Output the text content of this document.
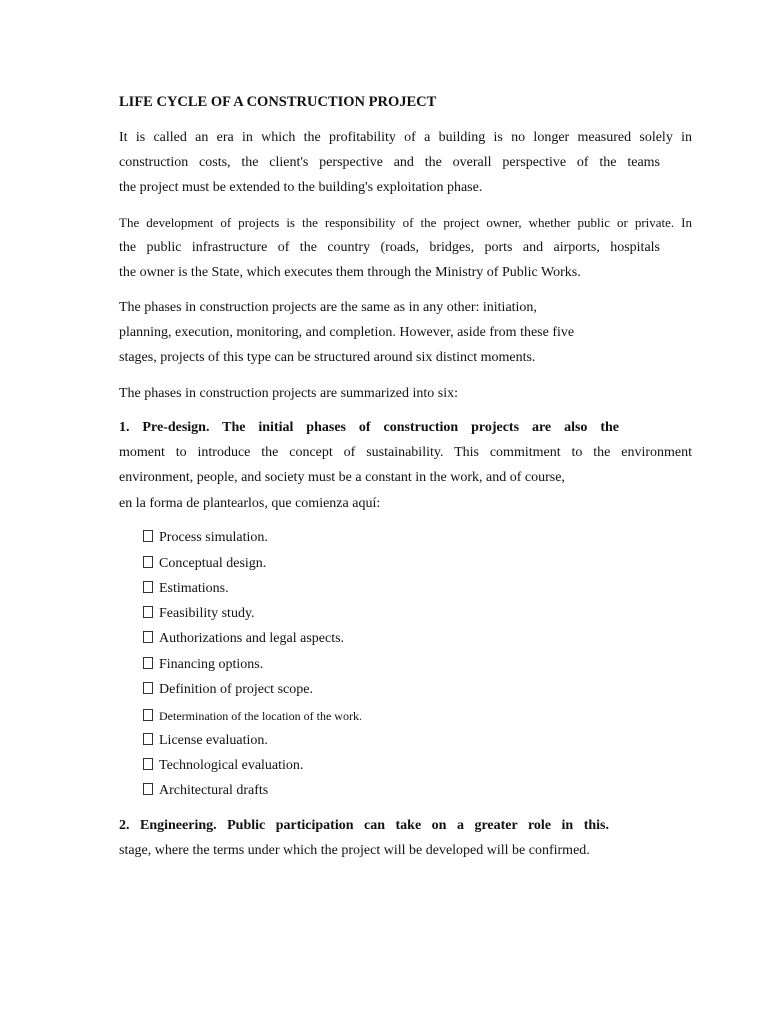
LIFE CYCLE OF A CONSTRUCTION PROJECT
It is called an era in which the profitability of a building is no longer measured solely in
construction costs, the client's perspective and the overall perspective of the teams
the project must be extended to the building's exploitation phase.
The development of projects is the responsibility of the project owner, whether public or private. In
the public infrastructure of the country (roads, bridges, ports and airports, hospitals
the owner is the State, which executes them through the Ministry of Public Works.
The phases in construction projects are the same as in any other: initiation,
planning, execution, monitoring, and completion. However, aside from these five
stages, projects of this type can be structured around six distinct moments.
The phases in construction projects are summarized into six:
1. Pre-design. The initial phases of construction projects are also the
moment to introduce the concept of sustainability. This commitment to the environment
environment, people, and society must be a constant in the work, and of course,
en la forma de plantearlos, que comienza aquí:
Process simulation.
Conceptual design.
Estimations.
Feasibility study.
Authorizations and legal aspects.
Financing options.
Definition of project scope.
Determination of the location of the work.
License evaluation.
Technological evaluation.
Architectural drafts
2. Engineering. Public participation can take on a greater role in this.
stage, where the terms under which the project will be developed will be confirmed.
